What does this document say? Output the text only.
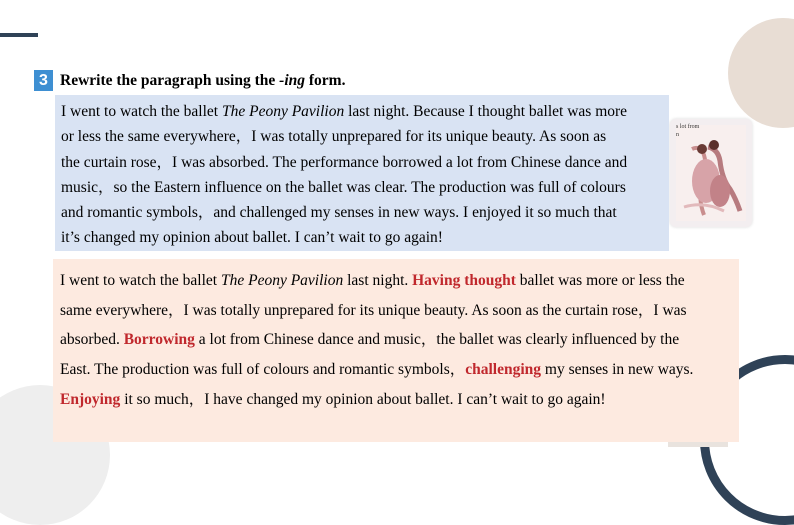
s lot from
n
3 Rewrite the paragraph using the -ing form.

I went to watch the ballet The Peony Pavilion last night. Because I thought ballet was more

or less the same everywhere，I was totally unprepared for its unique beauty. As soon as

the curtain rose，I was absorbed. The performance borrowed a lot from Chinese dance and

music，so the Eastern influence on the ballet was clear. The production was full of colours

and romantic symbols，and challenged my senses in new ways. I enjoyed it so much that

it’s changed my opinion about ballet. I can’t wait to go again!

I went to watch the ballet The Peony Pavilion last night. Having thought ballet was more or less the

same everywhere，I was totally unprepared for its unique beauty. As soon as the curtain rose，I was

absorbed. Borrowing a lot from Chinese dance and music，the ballet was clearly influenced by the

East. The production was full of colours and romantic symbols，challenging my senses in new ways.

Enjoying it so much，I have changed my opinion about ballet. I can’t wait to go again!
